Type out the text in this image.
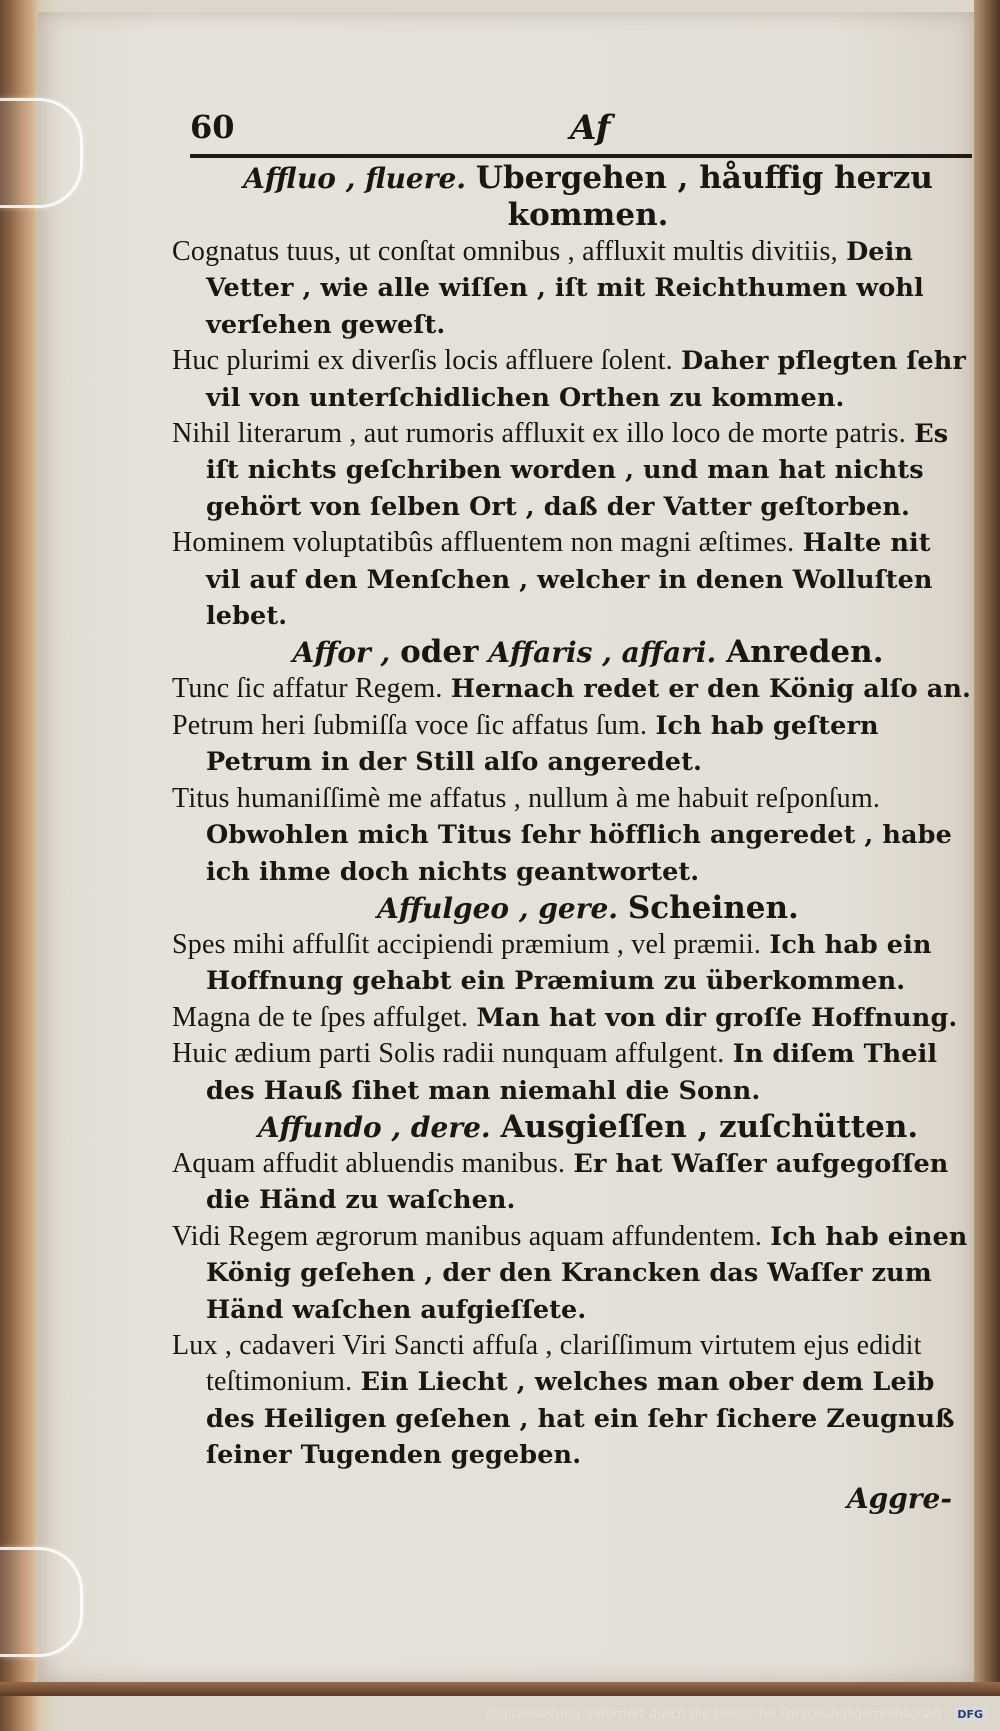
60	Af

Affluo , fluere. Ubergehen , håuffig herzu kommen.

Cognatus tuus, ut conſtat omnibus , affluxit multis divitiis, Dein Vetter , wie alle wiſſen , iſt mit Reichthumen wohl verſehen geweſt.

Huc plurimi ex diverſis locis affluere ſolent. Daher pflegten ſehr vil von unterſchidlichen Orthen zu kommen.

Nihil literarum , aut rumoris affluxit ex illo loco de morte patris. Es iſt nichts geſchriben worden , und man hat nichts gehört von ſelben Ort , daß der Vatter geſtorben.

Hominem voluptatibûs affluentem non magni æſtimes. Halte nit vil auf den Menſchen , welcher in denen Wolluſten lebet.

Affor , oder Affaris , affari. Anreden.

Tunc ſic affatur Regem. Hernach redet er den König alſo an.

Petrum heri ſubmiſſa voce ſic affatus ſum. Ich hab geſtern Petrum in der Still alſo angeredet.

Titus humaniſſimè me affatus , nullum à me habuit reſponſum. Obwohlen mich Titus ſehr höfflich angeredet , habe ich ihme doch nichts geantwortet.

Affulgeo , gere. Scheinen.

Spes mihi affulſit accipiendi præmium , vel præmii. Ich hab ein Hoffnung gehabt ein Præmium zu überkommen.

Magna de te ſpes affulget. Man hat von dir groſſe Hoffnung.

Huic ædium parti Solis radii nunquam affulgent. In diſem Theil des Hauß ſihet man niemahl die Sonn.

Affundo , dere. Ausgieſſen , zuſchütten.

Aquam affudit abluendis manibus. Er hat Waſſer aufgegoſſen die Händ zu waſchen.

Vidi Regem ægrorum manibus aquam affundentem. Ich hab einen König geſehen , der den Krancken das Waſſer zum Händ waſchen aufgieſſete.

Lux , cadaveri Viri Sancti affuſa , clariſſimum virtutem ejus edidit teſtimonium. Ein Liecht , welches man ober dem Leib des Heiligen geſehen , hat ein ſehr ſichere Zeugnuß ſeiner Tugenden gegeben.

Aggre-
Digitalisierung gefördert durch die Deutsche Forschungsgemeinschaft · DFG
